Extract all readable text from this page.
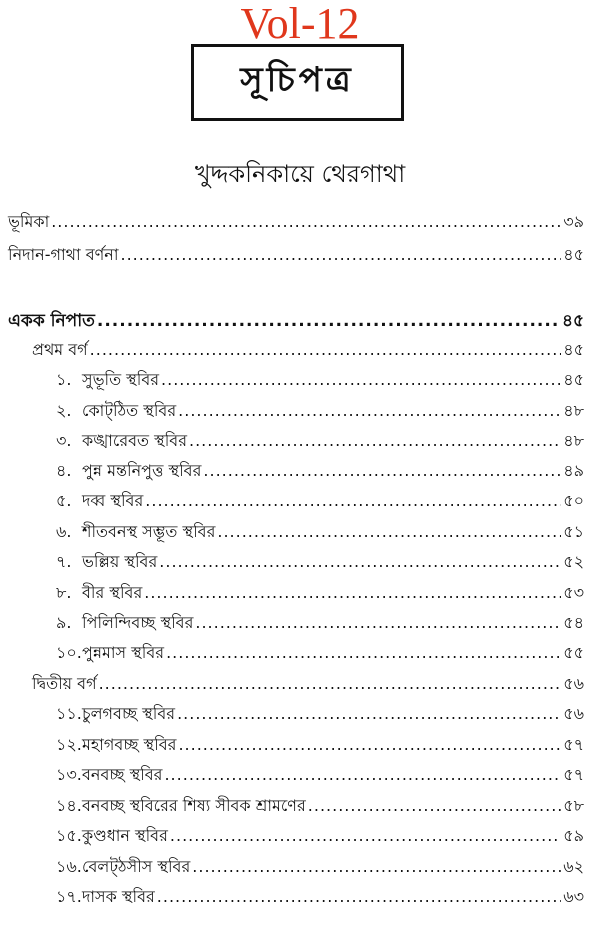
Vol-12
সূচিপত্র
খুদ্দকনিকায়ে থেরগাথা
ভূমিকা .....	৩৯
নিদান-গাথা বর্ণনা .....	৪৫
একক নিপাত .....	৪৫
প্রথম বর্গ .....	৪৫
১. সুভূতি স্থবির .....	৪৫
২. কোট্‌ঠিত স্থবির .....	৪৮
৩. কঙ্খারেবত স্থবির .....	৪৮
৪. পুন্ন মন্তনিপুত্ত স্থবির .....	৪৯
৫. দব্ব স্থবির .....	৫০
৬. শীতবনস্থ সম্ভূত স্থবির .....	৫১
৭. ভল্লিয় স্থবির .....	৫২
৮. বীর স্থবির .....	৫৩
৯. পিলিন্দিবচ্ছ স্থবির .....	৫৪
১০. পুন্নমাস স্থবির .....	৫৫
দ্বিতীয় বর্গ .....	৫৬
১১. চুলগবচ্ছ স্থবির .....	৫৬
১২. মহাগবচ্ছ স্থবির .....	৫৭
১৩. বনবচ্ছ স্থবির .....	৫৭
১৪. বনবচ্ছ স্থবিরের শিষ্য সীবক শ্রামণের .....	৫৮
১৫. কুণ্ডধান স্থবির .....	৫৯
১৬. বেলট্‌ঠসীস স্থবির .....	৬২
১৭. দাসক স্থবির .....	৬৩
